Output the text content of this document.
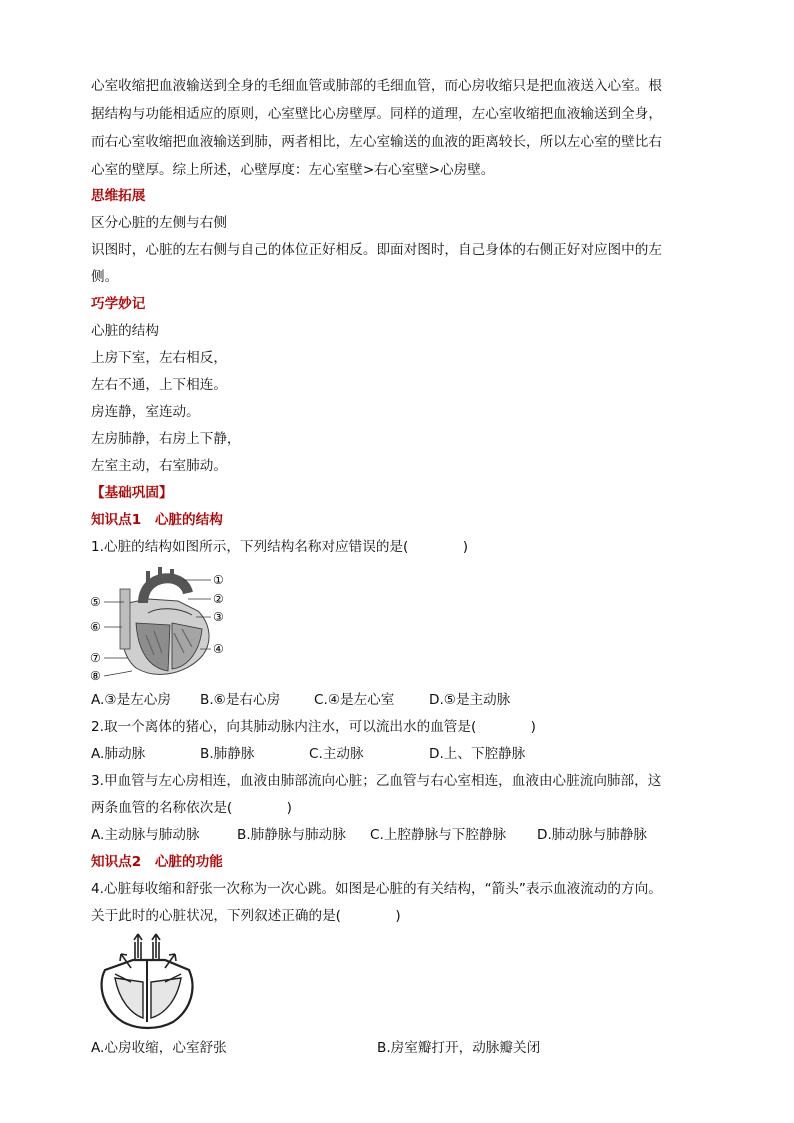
心室收缩把血液输送到全身的毛细血管或肺部的毛细血管，而心房收缩只是把血液送入心室。根
据结构与功能相适应的原则，心室壁比心房壁厚。同样的道理，左心室收缩把血液输送到全身，
而右心室收缩把血液输送到肺，两者相比，左心室输送的血液的距离较长，所以左心室的壁比右
心室的壁厚。综上所述，心壁厚度：左心室壁>右心室壁>心房壁。
思维拓展
区分心脏的左侧与右侧
识图时，心脏的左右侧与自己的体位正好相反。即面对图时，自己身体的右侧正好对应图中的左
侧。
巧学妙记
心脏的结构
上房下室，左右相反，
左右不通，上下相连。
房连静，室连动。
左房肺静，右房上下静，
左室主动，右室肺动。
【基础巩固】
知识点1　心脏的结构
1.心脏的结构如图所示，下列结构名称对应错误的是(　　　　)
①
②
③
④
⑤
⑥
⑦
⑧
A.③是左心房 B.⑥是右心房 C.④是左心室	D.⑤是主动脉
2.取一个离体的猪心，向其肺动脉内注水，可以流出水的血管是(　　　　)
A.肺动脉	B.肺静脉	C.主动脉	D.上、下腔静脉
3.甲血管与左心房相连，血液由肺部流向心脏；乙血管与右心室相连，血液由心脏流向肺部，这
两条血管的名称依次是(　　　　)
A.主动脉与肺动脉	B.肺静脉与肺动脉 C.上腔静脉与下腔静脉 D.肺动脉与肺静脉
知识点2　心脏的功能
4.心脏每收缩和舒张一次称为一次心跳。如图是心脏的有关结构，“箭头”表示血液流动的方向。
关于此时的心脏状况，下列叙述正确的是(　　　　)
A.心房收缩，心室舒张	B.房室瓣打开，动脉瓣关闭
